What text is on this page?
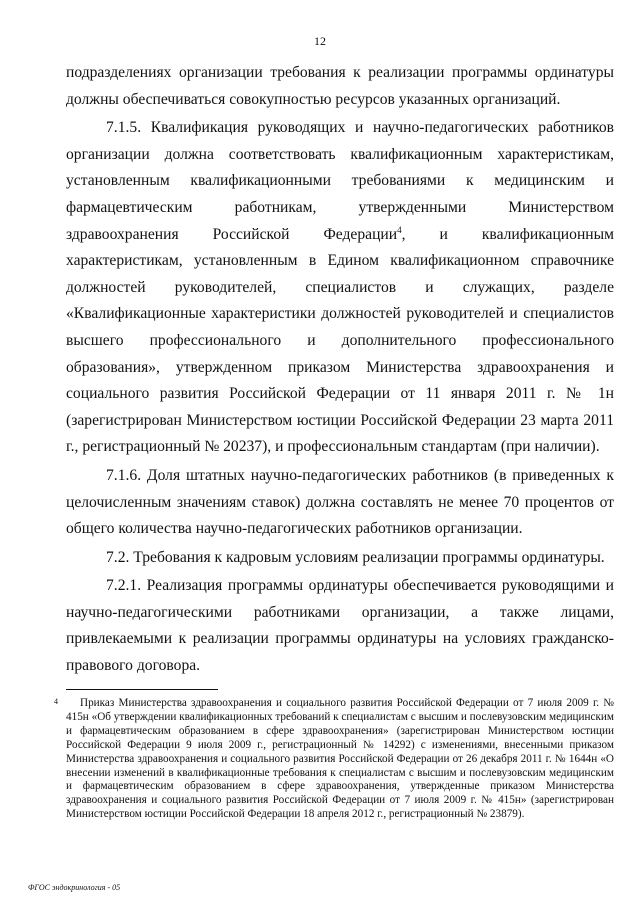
12

подразделениях организации требования к реализации программы ординатуры должны обеспечиваться совокупностью ресурсов указанных организаций.

7.1.5. Квалификация руководящих и научно-педагогических работников организации должна соответствовать квалификационным характеристикам, установленным квалификационными требованиями к медицинским и фармацевтическим работникам, утвержденными Министерством здравоохранения Российской Федерации$^4$, и квалификационным характеристикам, установленным в Едином квалификационном справочнике должностей руководителей, специалистов и служащих, разделе «Квалификационные характеристики должностей руководителей и специалистов высшего профессионального и дополнительного профессионального образования», утвержденном приказом Министерства здравоохранения и социального развития Российской Федерации от 11 января 2011 г. № 1н (зарегистрирован Министерством юстиции Российской Федерации 23 марта 2011 г., регистрационный № 20237), и профессиональным стандартам (при наличии).

7.1.6. Доля штатных научно-педагогических работников (в приведенных к целочисленным значениям ставок) должна составлять не менее 70 процентов от общего количества научно-педагогических работников организации.

7.2. Требования к кадровым условиям реализации программы ординатуры.

7.2.1. Реализация программы ординатуры обеспечивается руководящими и научно-педагогическими работниками организации, а также лицами, привлекаемыми к реализации программы ординатуры на условиях гражданско-правового договора.

4 Приказ Министерства здравоохранения и социального развития Российской Федерации от 7 июля 2009 г. № 415н «Об утверждении квалификационных требований к специалистам с высшим и послевузовским медицинским и фармацевтическим образованием в сфере здравоохранения» (зарегистрирован Министерством юстиции Российской Федерации 9 июля 2009 г., регистрационный № 14292) с изменениями, внесенными приказом Министерства здравоохранения и социального развития Российской Федерации от 26 декабря 2011 г. № 1644н «О внесении изменений в квалификационные требования к специалистам с высшим и послевузовским медицинским и фармацевтическим образованием в сфере здравоохранения, утвержденные приказом Министерства здравоохранения и социального развития Российской Федерации от 7 июля 2009 г. № 415н» (зарегистрирован Министерством юстиции Российской Федерации 18 апреля 2012 г., регистрационный № 23879).

ФГОС эндокринология - 05
